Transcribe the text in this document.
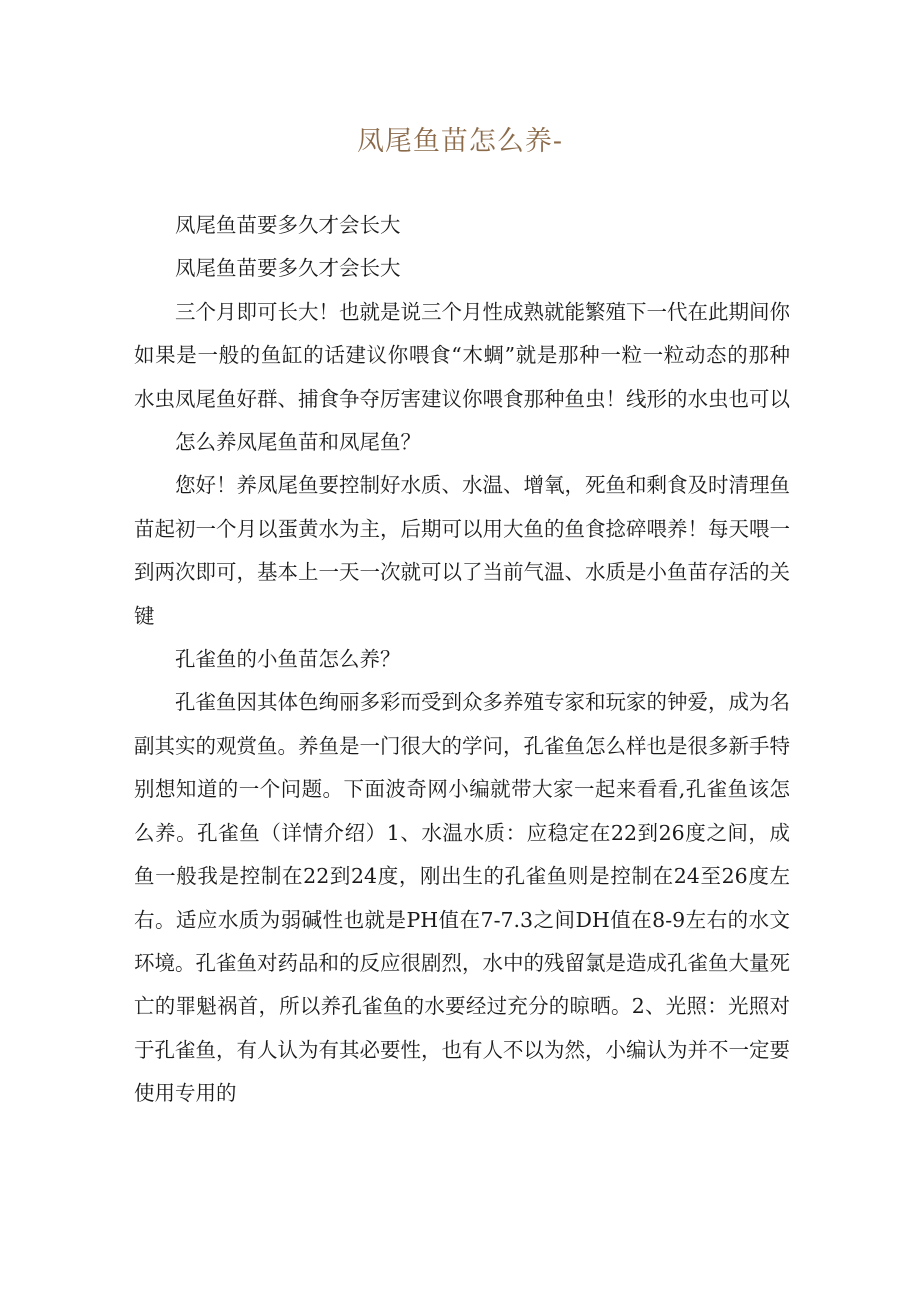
凤尾鱼苗怎么养-

凤尾鱼苗要多久才会长大

凤尾鱼苗要多久才会长大

三个月即可长大！也就是说三个月性成熟就能繁殖下一代在此期间你如果是一般的鱼缸的话建议你喂食“木蜩”就是那种一粒一粒动态的那种水虫凤尾鱼好群、捕食争夺厉害建议你喂食那种鱼虫！线形的水虫也可以

怎么养凤尾鱼苗和凤尾鱼？

您好！养凤尾鱼要控制好水质、水温、增氧，死鱼和剩食及时清理鱼苗起初一个月以蛋黄水为主，后期可以用大鱼的鱼食捻碎喂养！每天喂一到两次即可，基本上一天一次就可以了当前气温、水质是小鱼苗存活的关键

孔雀鱼的小鱼苗怎么养？

孔雀鱼因其体色绚丽多彩而受到众多养殖专家和玩家的钟爱，成为名副其实的观赏鱼。养鱼是一门很大的学问，孔雀鱼怎么样也是很多新手特别想知道的一个问题。下面波奇网小编就带大家一起来看看,孔雀鱼该怎么养。孔雀鱼（详情介绍）1、水温水质：应稳定在22到26度之间，成鱼一般我是控制在22到24度，刚出生的孔雀鱼则是控制在24至26度左右。适应水质为弱碱性也就是PH值在7-7.3之间DH值在8-9左右的水文环境。孔雀鱼对药品和的反应很剧烈，水中的残留氯是造成孔雀鱼大量死亡的罪魁祸首，所以养孔雀鱼的水要经过充分的晾晒。2、光照：光照对于孔雀鱼，有人认为有其必要性，也有人不以为然，小编认为并不一定要使用专用的
